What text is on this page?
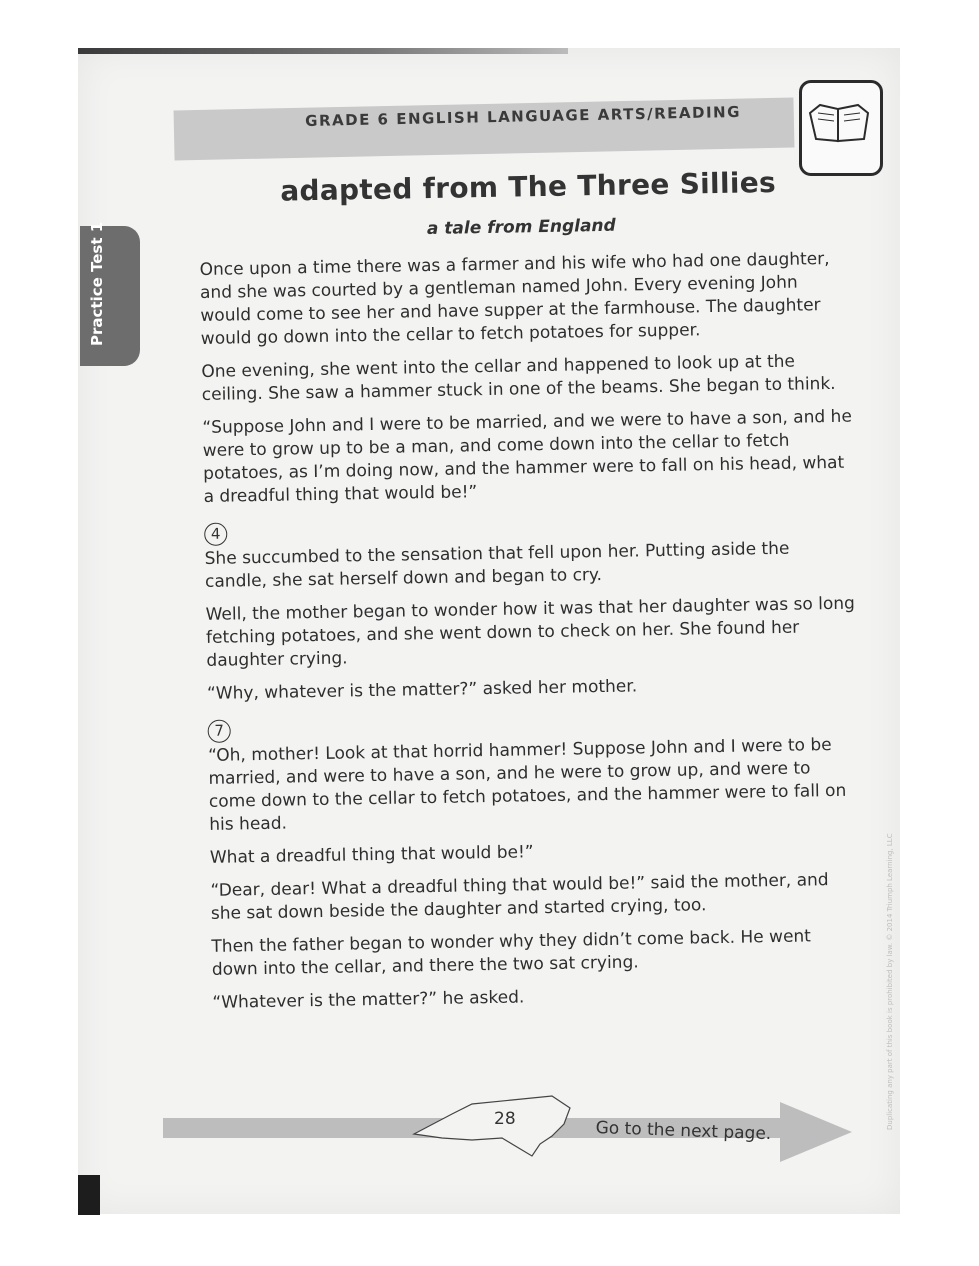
GRADE 6 ENGLISH LANGUAGE ARTS/READING
Practice Test 1
adapted from The Three Sillies
a tale from England

Once upon a time there was a farmer and his wife who had one daughter, and she was courted by a gentleman named John. Every evening John would come to see her and have supper at the farmhouse. The daughter would go down into the cellar to fetch potatoes for supper.

One evening, she went into the cellar and happened to look up at the ceiling. She saw a hammer stuck in one of the beams. She began to think.

“Suppose John and I were to be married, and we were to have a son, and he were to grow up to be a man, and come down into the cellar to fetch potatoes, as I’m doing now, and the hammer were to fall on his head, what a dreadful thing that would be!”

4

She succumbed to the sensation that fell upon her. Putting aside the candle, she sat herself down and began to cry.

Well, the mother began to wonder how it was that her daughter was so long fetching potatoes, and she went down to check on her. She found her daughter crying.

“Why, whatever is the matter?” asked her mother.

7

“Oh, mother! Look at that horrid hammer! Suppose John and I were to be married, and were to have a son, and he were to grow up, and were to come down to the cellar to fetch potatoes, and the hammer were to fall on his head.

What a dreadful thing that would be!”

“Dear, dear! What a dreadful thing that would be!” said the mother, and she sat down beside the daughter and started crying, too.

Then the father began to wonder why they didn’t come back. He went down into the cellar, and there the two sat crying.

“Whatever is the matter?” he asked.

28	Go to the next page.
Duplicating any part of this book is prohibited by law. © 2014 Triumph Learning, LLC
